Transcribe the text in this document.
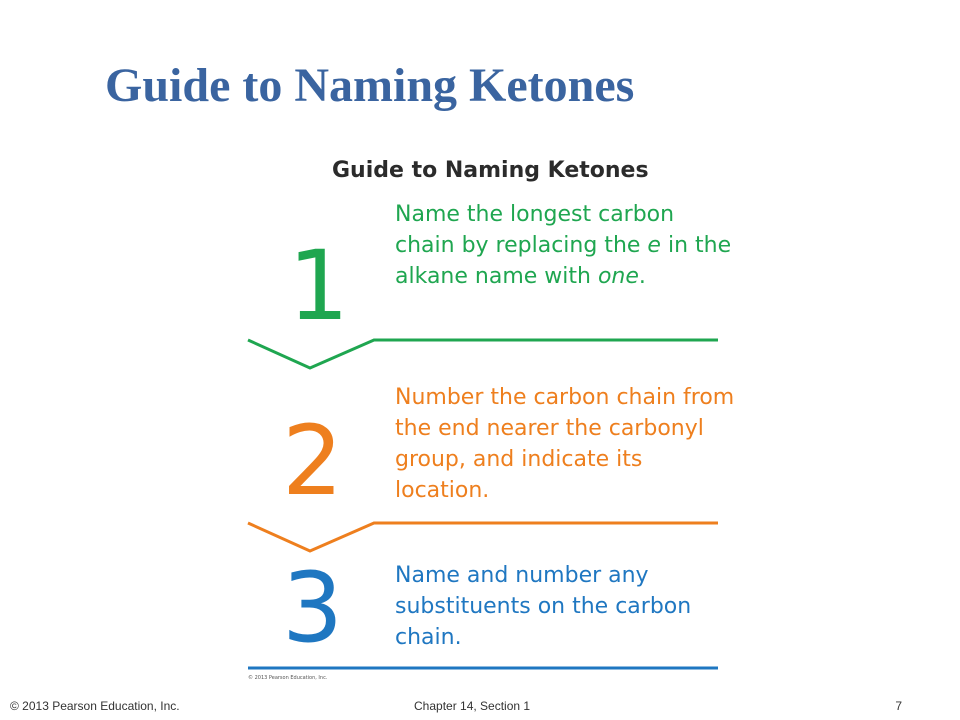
Guide to Naming Ketones
Guide to Naming Ketones
1
Name the longest carbon chain by replacing the e in the alkane name with one.
2
Number the carbon chain from the end nearer the carbonyl group, and indicate its location.
3 Name and number any substituents on the carbon chain.
© 2013 Pearson Education, Inc.
© 2013 Pearson Education, Inc.	Chapter 14, Section 1	7
